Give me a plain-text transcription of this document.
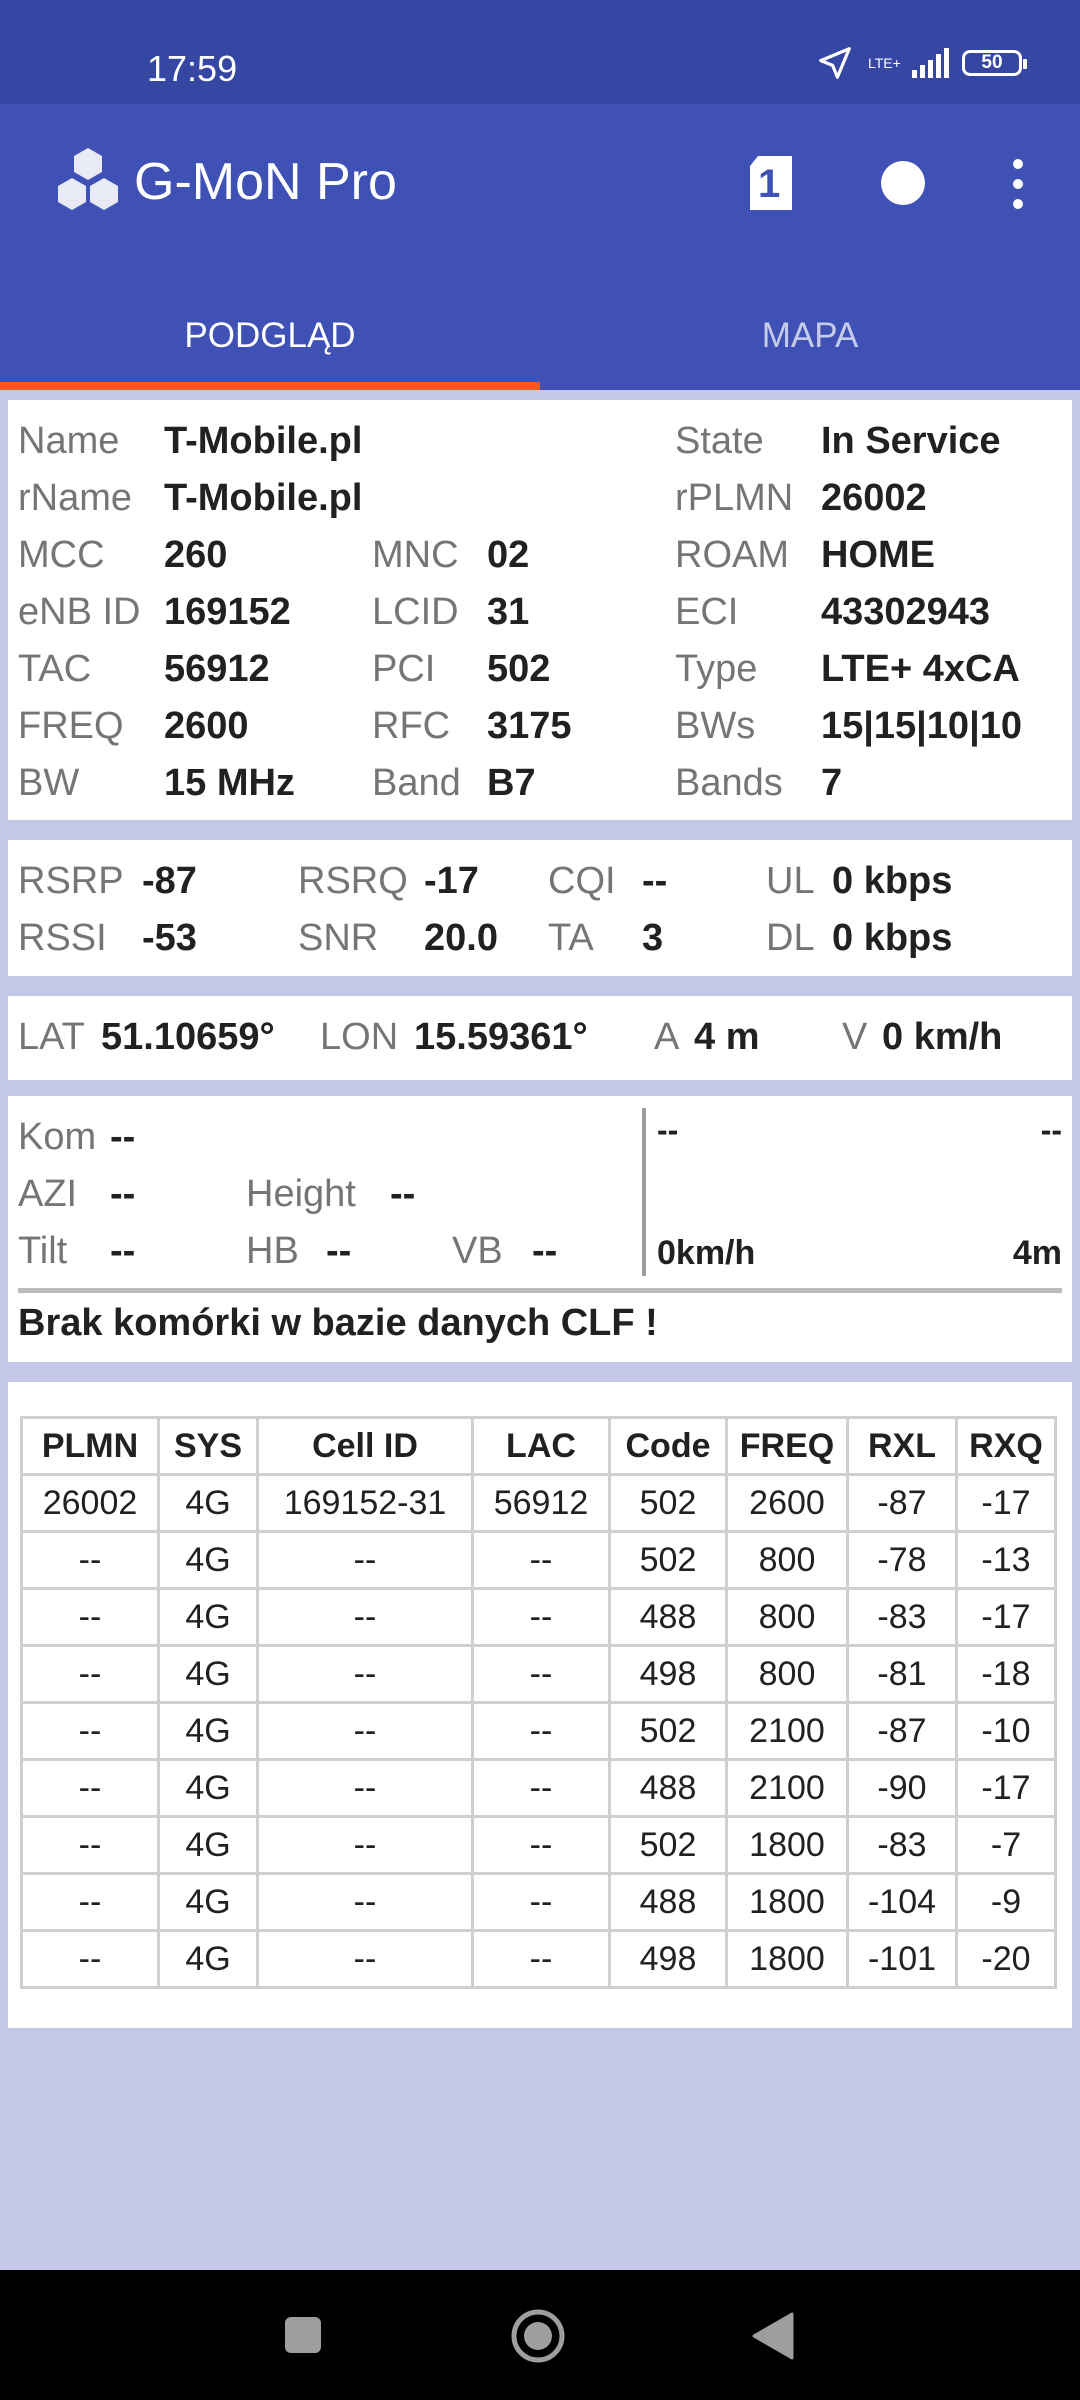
17:59	LTE+	50
G-MoN Pro	1
PODGLĄD	MAPA
Name T-Mobile.pl	State In Service
rName T-Mobile.pl	rPLMN 26002
MCC 260	MNC 02	ROAM HOME
eNB ID 169152 LCID 31	ECI 43302943
TAC 56912	PCI 502	Type LTE+ 4xCA
FREQ 2600	RFC 3175	BWs 15|15|10|10
BW 15 MHz Band B7	Bands 7
RSRP -87	RSRQ -17 CQI --	UL 0 kbps
RSSI -53	SNR 20.0 TA 3	DL 0 kbps
LAT 51.10659° LON 15.59361° A 4 m V 0 km/h
Kom --
AZI --	Height --
Tilt --	HB --	VB --
--	--
0km/h	4m
Brak komórki w bazie danych CLF !
PLMN	SYS	Cell ID	LAC	Code	FREQ	RXL	RXQ
26002	4G	169152-31	56912	502	2600	-87	-17
--	4G	--	--	502	800	-78	-13
--	4G	--	--	488	800	-83	-17
--	4G	--	--	498	800	-81	-18
--	4G	--	--	502	2100	-87	-10
--	4G	--	--	488	2100	-90	-17
--	4G	--	--	502	1800	-83	-7
--	4G	--	--	488	1800	-104	-9
--	4G	--	--	498	1800	-101	-20
